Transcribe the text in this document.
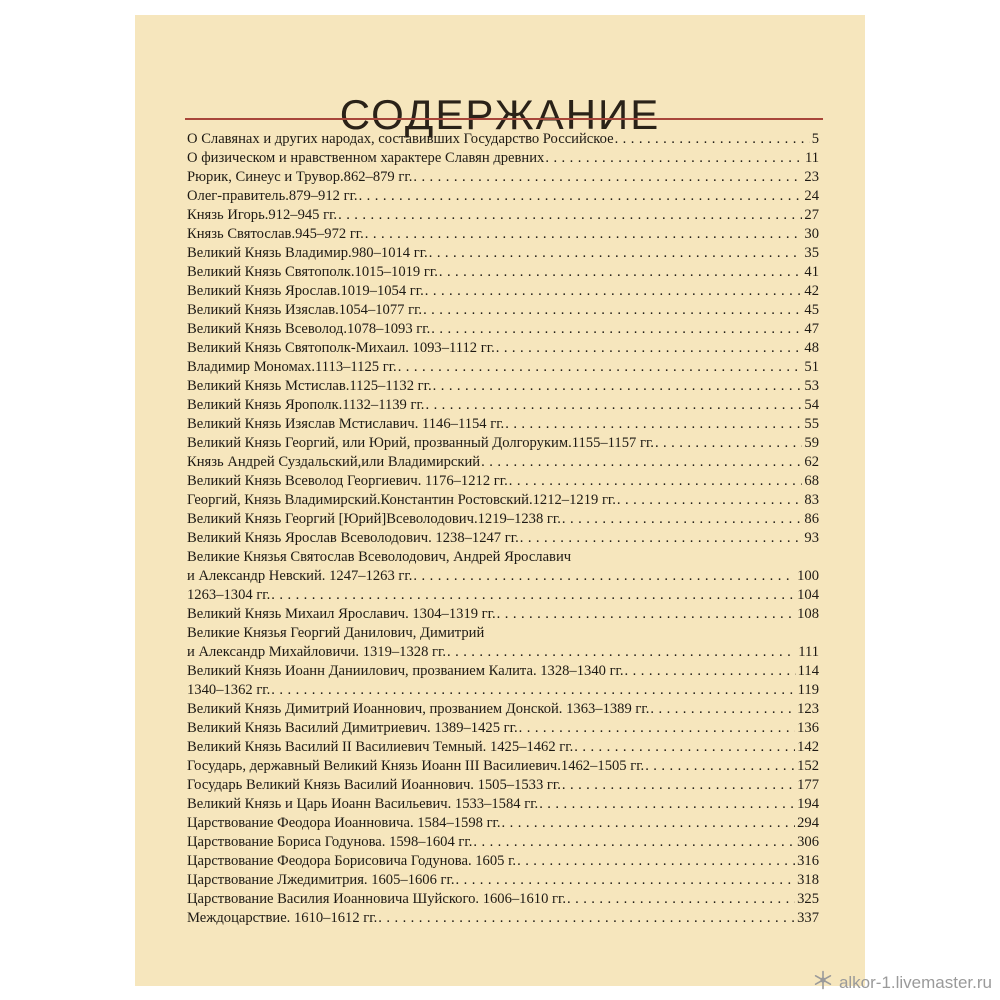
СОДЕРЖАНИЕ
О Славянах и других народах, составивших Государство Российское . . .	5
О физическом и нравственном характере Славян древних . . .	11
Рюрик, Синеус и Трувор.862–879 гг. . . .	23
Олег-правитель.879–912 гг. . . .	24
Князь Игорь.912–945 гг. . . .	27
Князь Святослав.945–972 гг. . . .	30
Великий Князь Владимир.980–1014 гг. . . .	35
Великий Князь Святополк.1015–1019 гг. . . .	41
Великий Князь Ярослав.1019–1054 гг. . . .	42
Великий Князь Изяслав.1054–1077 гг. . . .	45
Великий Князь Всеволод.1078–1093 гг. . . .	47
Великий Князь Святополк-Михаил. 1093–1112 гг. . . .	48
Владимир Мономах.1113–1125 гг. . . .	51
Великий Князь Мстислав.1125–1132 гг. . . .	53
Великий Князь Ярополк.1132–1139 гг. . . .	54
Великий Князь Изяслав Мстиславич. 1146–1154 гг. . . .	55
Великий Князь Георгий, или Юрий, прозванный Долгоруким.1155–1157 гг. . . .	59
Князь Андрей Суздальский,или Владимирский . . .	62
Великий Князь Всеволод Георгиевич. 1176–1212 гг. . . .	68
Георгий, Князь Владимирский.Константин Ростовский.1212–1219 гг. . . .	83
Великий Князь Георгий [Юрий]Всеволодович.1219–1238 гг. . . .	86
Великий Князь Ярослав Всеволодович. 1238–1247 гг. . . .	93
Великие Князья Святослав Всеволодович, Андрей Ярославич
и Александр Невский. 1247–1263 гг. . . .	100
1263–1304 гг. . . .	104
Великий Князь Михаил Ярославич. 1304–1319 гг. . . .	108
Великие Князья Георгий Данилович, Димитрий
и Александр Михайловичи. 1319–1328 гг. . . .	111
Великий Князь Иоанн Даниилович, прозванием Калита. 1328–1340 гг. . . .	114
1340–1362 гг. . . .	119
Великий Князь Димитрий Иоаннович, прозванием Донской. 1363–1389 гг. . . .	123
Великий Князь Василий Димитриевич. 1389–1425 гг. . . .	136
Великий Князь Василий II Василиевич Темный. 1425–1462 гг. . . .	142
Государь, державный Великий Князь Иоанн III Василиевич.1462–1505 гг. . . .	152
Государь Великий Князь Василий Иоаннович. 1505–1533 гг. . . .	177
Великий Князь и Царь Иоанн Васильевич. 1533–1584 гг. . . .	194
Царствование Феодора Иоанновича. 1584–1598 гг. . . .	294
Царствование Бориса Годунова. 1598–1604 гг. . . .	306
Царствование Феодора Борисовича Годунова. 1605 г. . . .	316
Царствование Лжедимитрия. 1605–1606 гг. . . .	318
Царствование Василия Иоанновича Шуйского. 1606–1610 гг. . . .	325
Междоцарствие. 1610–1612 гг. . . .	337
alkor-1.livemaster.ru
